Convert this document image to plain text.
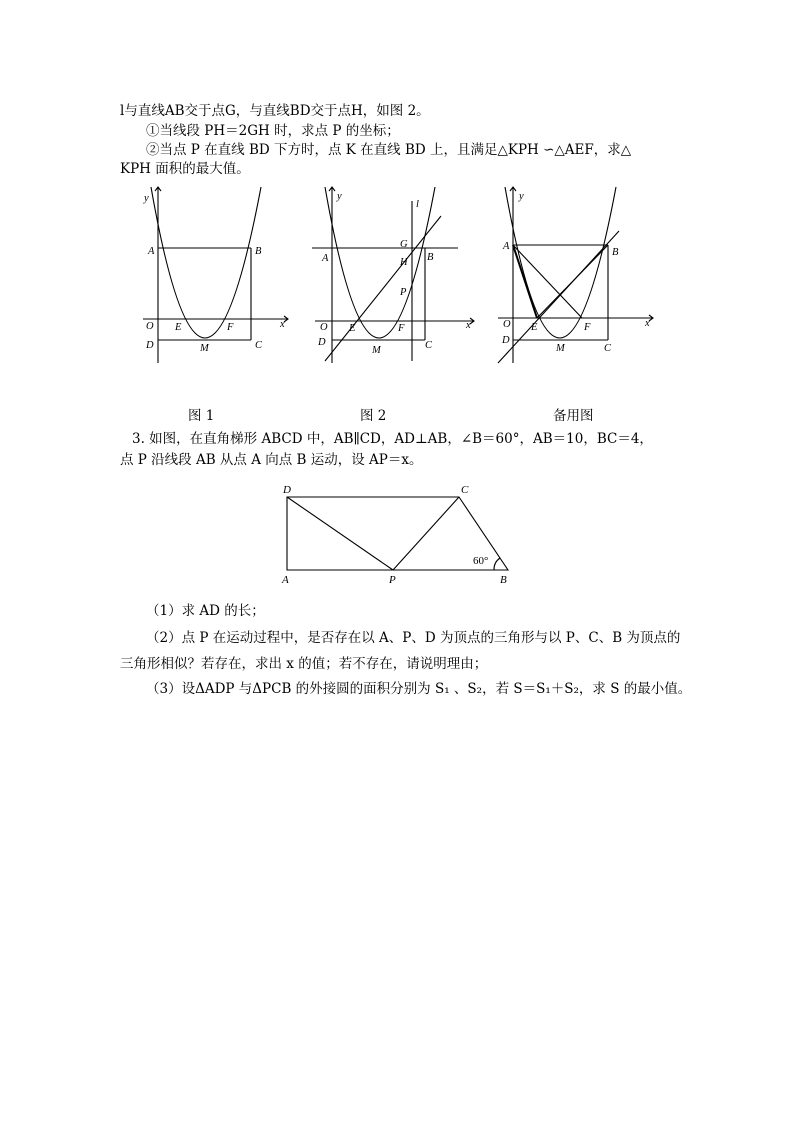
l与直线AB交于点G，与直线BD交于点H，如图 2。
①当线段 PH＝2GH 时，求点 P 的坐标；
②当点 P 在直线 BD 下方时，点 K 在直线 BD 上，且满足△KPH ∽△AEF，求△
KPH 面积的最大值。
y
A	B
O E	F	x
D	M	C
y
l
A
G
H B
P
O E	F	x
D
M	C
y
A
B
O E	F	x
D
M	C
图 1	图 2	备用图
3. 如图，在直角梯形 ABCD 中，AB∥CD，AD⊥AB，∠B＝60°，AB＝10，BC＝4，
点 P 沿线段 AB 从点 A 向点 B 运动，设 AP＝x。
D	C
A	P	B
60°
（1）求 AD 的长；
（2）点 P 在运动过程中，是否存在以 A、P、D 为顶点的三角形与以 P、C、B 为顶点的
三角形相似？若存在，求出 x 的值；若不存在，请说明理由；
（3）设ΔADP 与ΔPCB 的外接圆的面积分别为 S₁ 、S₂，若 S＝S₁＋S₂，求 S 的最小值。
